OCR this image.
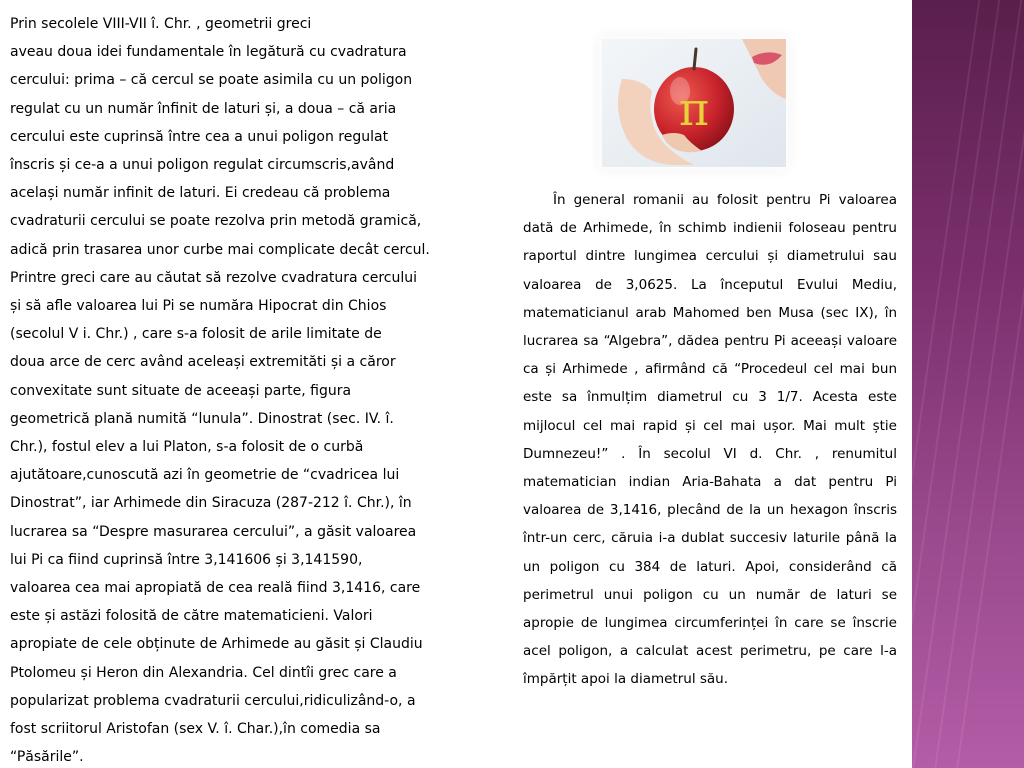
Prin secolele VIII-VII î. Chr. , geometrii greci
aveau doua idei fundamentale în legătură cu cvadratura
cercului: prima – că cercul se poate asimila cu un poligon
regulat cu un număr înfinit de laturi și, a doua – că aria
cercului este cuprinsă între cea a unui poligon regulat
înscris și ce-a a unui poligon regulat circumscris,având
același număr infinit de laturi. Ei credeau că problema
cvadraturii cercului se poate rezolva prin metodă gramică,
adică prin trasarea unor curbe mai complicate decât cercul.
Printre greci care au căutat să rezolve cvadratura cercului
și să afle valoarea lui Pi se număra Hipocrat din Chios
(secolul V i. Chr.) , care s-a folosit de arile limitate de
doua arce de cerc având aceleași extremităti și a căror
convexitate sunt situate de aceeași parte, figura
geometrică plană numită “lunula”. Dinostrat (sec. IV. î.
Chr.), fostul elev a lui Platon, s-a folosit de o curbă
ajutătoare,cunoscută azi în geometrie de “cvadricea lui
Dinostrat”, iar Arhimede din Siracuza (287-212 î. Chr.), în
lucrarea sa “Despre masurarea cercului”, a găsit valoarea
lui Pi ca fiind cuprinsă între 3,141606 și 3,141590,
valoarea cea mai apropiată de cea reală fiind 3,1416, care
este și astăzi folosită de către matematicieni. Valori
apropiate de cele obținute de Arhimede au găsit și Claudiu
Ptolomeu și Heron din Alexandria. Cel dintîi grec care a
popularizat problema cvadraturii cercului,ridiculizând-o, a
fost scriitorul Aristofan (sex V. î. Char.),în comedia sa
“Păsările”.
π
În general romanii au folosit pentru Pi valoarea dată de Arhimede, în schimb indienii foloseau pentru raportul dintre lungimea cercului și diametrului sau valoarea de 3,0625. La începutul Evului Mediu, matematicianul arab Mahomed ben Musa (sec IX), în lucrarea sa “Algebra”, dădea pentru Pi aceeași valoare ca și Arhimede , afirmând că “Procedeul cel mai bun este sa înmulțim diametrul cu 3 1/7. Acesta este mijlocul cel mai rapid și cel mai ușor. Mai mult știe Dumnezeu!” . În secolul VI d. Chr. , renumitul matematician indian Aria-Bahata a dat pentru Pi valoarea de 3,1416, plecând de la un hexagon înscris într-un cerc, căruia i-a dublat succesiv laturile până la un poligon cu 384 de laturi. Apoi, considerând că perimetrul unui poligon cu un număr de laturi se apropie de lungimea circumferinței în care se înscrie acel poligon, a calculat acest perimetru, pe care l-a împărțit apoi la diametrul său.
